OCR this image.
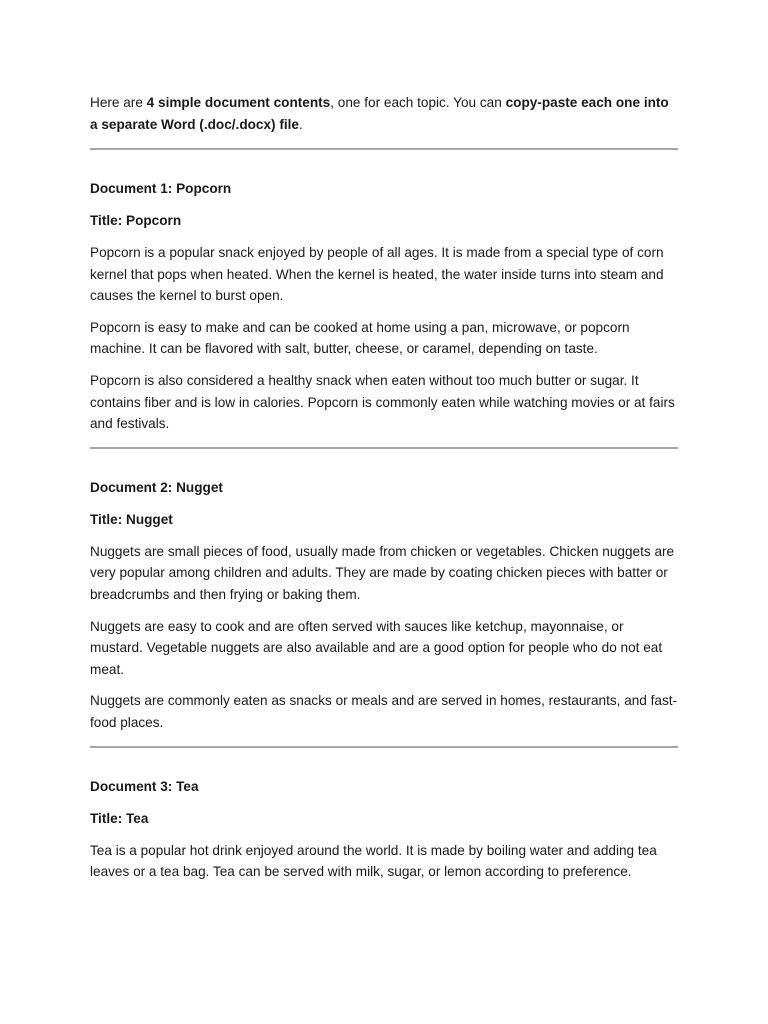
Here are 4 simple document contents, one for each topic. You can copy-paste each one into a separate Word (.doc/.docx) file.

Document 1: Popcorn
Title: Popcorn

Popcorn is a popular snack enjoyed by people of all ages. It is made from a special type of corn kernel that pops when heated. When the kernel is heated, the water inside turns into steam and causes the kernel to burst open.

Popcorn is easy to make and can be cooked at home using a pan, microwave, or popcorn machine. It can be flavored with salt, butter, cheese, or caramel, depending on taste.

Popcorn is also considered a healthy snack when eaten without too much butter or sugar. It contains fiber and is low in calories. Popcorn is commonly eaten while watching movies or at fairs and festivals.

Document 2: Nugget
Title: Nugget

Nuggets are small pieces of food, usually made from chicken or vegetables. Chicken nuggets are very popular among children and adults. They are made by coating chicken pieces with batter or breadcrumbs and then frying or baking them.

Nuggets are easy to cook and are often served with sauces like ketchup, mayonnaise, or mustard. Vegetable nuggets are also available and are a good option for people who do not eat meat.

Nuggets are commonly eaten as snacks or meals and are served in homes, restaurants, and fast-food places.

Document 3: Tea
Title: Tea

Tea is a popular hot drink enjoyed around the world. It is made by boiling water and adding tea leaves or a tea bag. Tea can be served with milk, sugar, or lemon according to preference.
